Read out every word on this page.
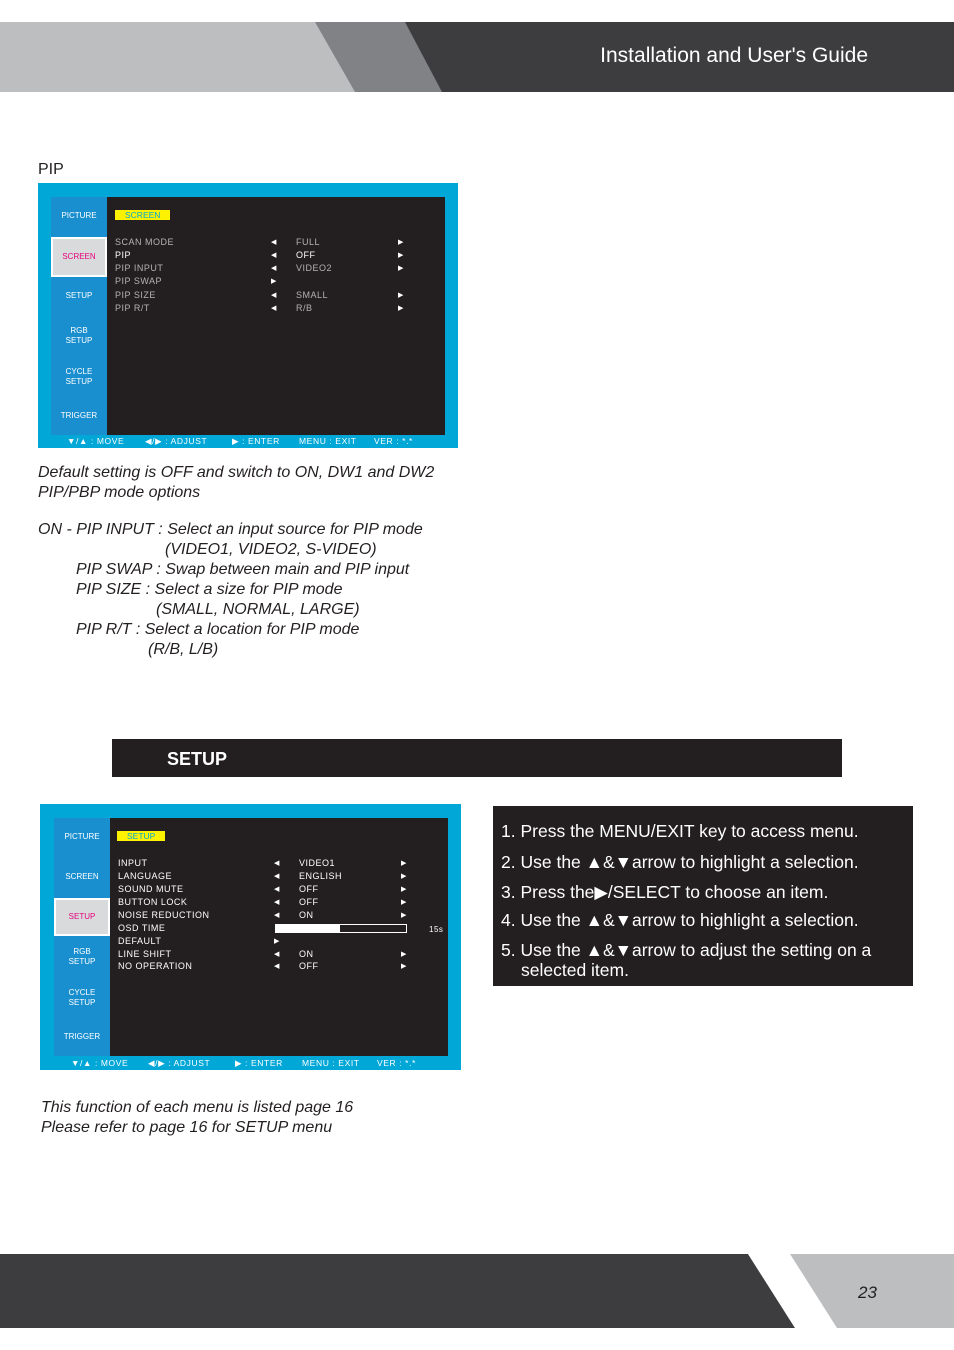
Installation and User's Guide
PIP
PICTURE
SCREEN
SETUP
RGB
SETUP
CYCLE
SETUP
TRIGGER
SCREEN
SCAN MODE	◀ FULL	▶
PIP	◀ OFF	▶
PIP INPUT	◀ VIDEO2	▶
PIP SWAP	▶
PIP SIZE	◀ SMALL	▶
PIP R/T	◀ R/B	▶
▼/▲ : MOVE ◀/▶ : ADJUST	▶ : ENTER MENU : EXIT VER : *.*
Default setting is OFF and switch to ON, DW1 and DW2
PIP/PBP mode options
ON - PIP INPUT : Select an input source for PIP mode
(VIDEO1, VIDEO2, S-VIDEO)
PIP SWAP : Swap between main and PIP input
PIP SIZE : Select a size for PIP mode
(SMALL, NORMAL, LARGE)
PIP R/T : Select a location for PIP mode
(R/B, L/B)
SETUP
PICTURE
SCREEN
SETUP
RGB
SETUP
CYCLE
SETUP
TRIGGER
SETUP
INPUT	◀ VIDEO1	▶
LANGUAGE	◀ ENGLISH	▶
SOUND MUTE	◀ OFF	▶
BUTTON LOCK	◀ OFF	▶
NOISE REDUCTION	◀ ON	▶
OSD TIME	15s
DEFAULT	▶
LINE SHIFT	◀ ON	▶
NO OPERATION	◀ OFF	▶
▼/▲ : MOVE ◀/▶ : ADJUST	▶ : ENTER MENU : EXIT VER : *.*
1. Press the MENU/EXIT key to access menu.
2. Use the ▲&▼arrow to highlight a selection.
3. Press the▶/SELECT to choose an item.
4. Use the ▲&▼arrow to highlight a selection.
5. Use the ▲&▼arrow to adjust the setting on a
selected item.
This function of each menu is listed page 16
Please refer to page 16 for SETUP menu
23
